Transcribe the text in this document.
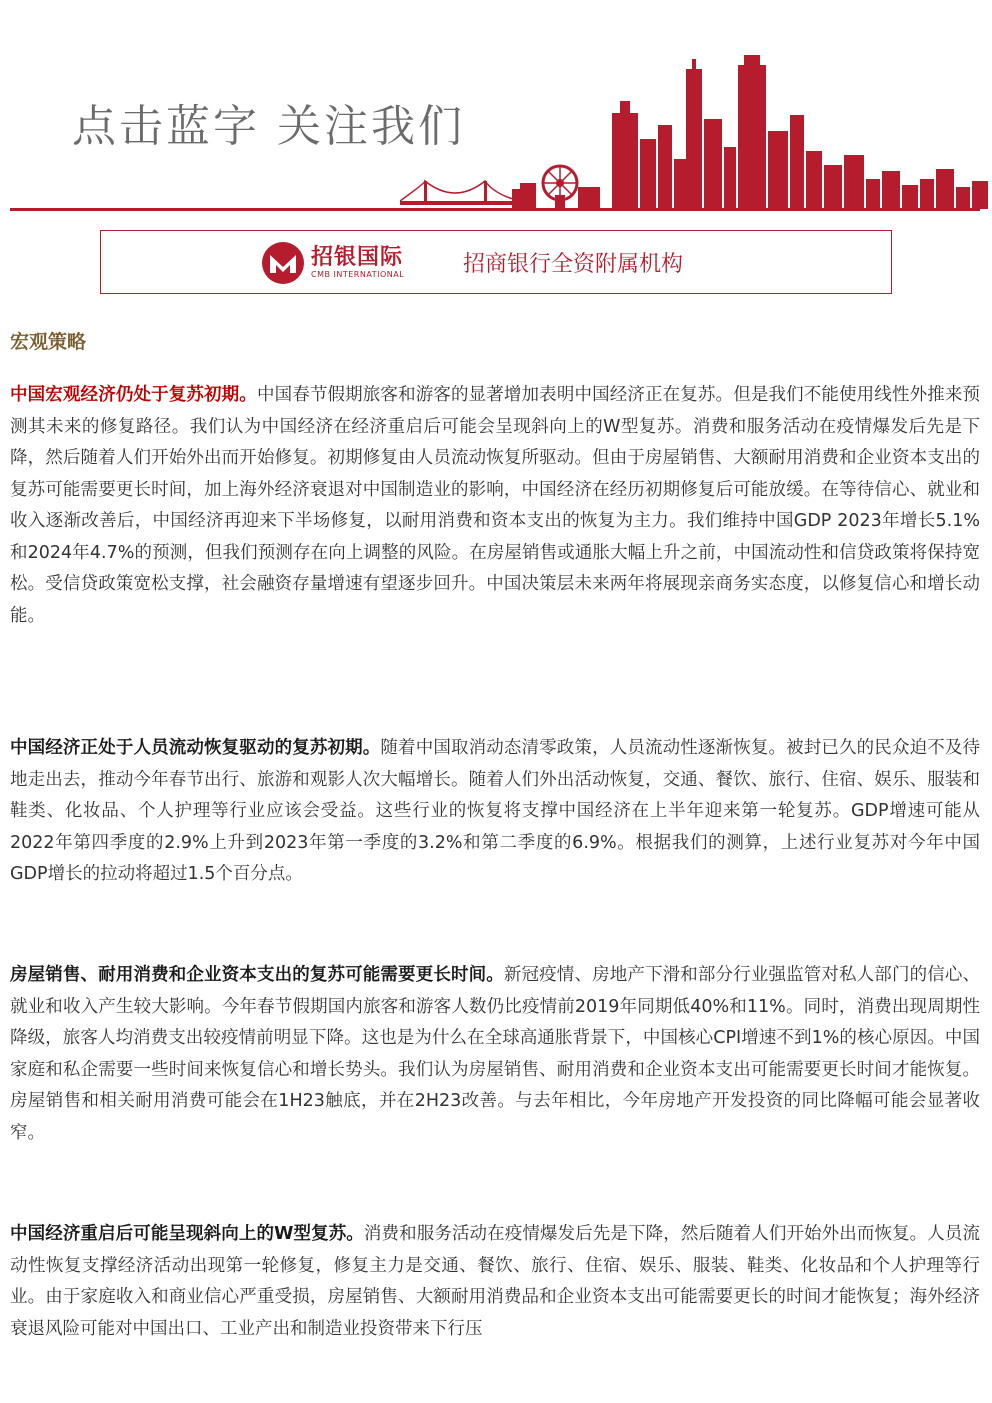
点击蓝字 关注我们
招银国际
CMB INTERNATIONAL	招商银行全资附属机构
宏观策略
中国宏观经济仍处于复苏初期。中国春节假期旅客和游客的显著增加表明中国经济正在复苏。但是我们不能使用线性外推来预测其未来的修复路径。我们认为中国经济在经济重启后可能会呈现斜向上的W型复苏。消费和服务活动在疫情爆发后先是下降，然后随着人们开始外出而开始修复。初期修复由人员流动恢复所驱动。但由于房屋销售、大额耐用消费和企业资本支出的复苏可能需要更长时间，加上海外经济衰退对中国制造业的影响，中国经济在经历初期修复后可能放缓。在等待信心、就业和收入逐渐改善后，中国经济再迎来下半场修复，以耐用消费和资本支出的恢复为主力。我们维持中国GDP 2023年增长5.1%和2024年4.7%的预测，但我们预测存在向上调整的风险。在房屋销售或通胀大幅上升之前，中国流动性和信贷政策将保持宽松。受信贷政策宽松支撑，社会融资存量增速有望逐步回升。中国决策层未来两年将展现亲商务实态度，以修复信心和增长动能。
中国经济正处于人员流动恢复驱动的复苏初期。随着中国取消动态清零政策，人员流动性逐渐恢复。被封已久的民众迫不及待地走出去，推动今年春节出行、旅游和观影人次大幅增长。随着人们外出活动恢复，交通、餐饮、旅行、住宿、娱乐、服装和鞋类、化妆品、个人护理等行业应该会受益。这些行业的恢复将支撑中国经济在上半年迎来第一轮复苏。GDP增速可能从2022年第四季度的2.9%上升到2023年第一季度的3.2%和第二季度的6.9%。根据我们的测算，上述行业复苏对今年中国GDP增长的拉动将超过1.5个百分点。
房屋销售、耐用消费和企业资本支出的复苏可能需要更长时间。新冠疫情、房地产下滑和部分行业强监管对私人部门的信心、就业和收入产生较大影响。今年春节假期国内旅客和游客人数仍比疫情前2019年同期低40%和11%。同时，消费出现周期性降级，旅客人均消费支出较疫情前明显下降。这也是为什么在全球高通胀背景下，中国核心CPI增速不到1%的核心原因。中国家庭和私企需要一些时间来恢复信心和增长势头。我们认为房屋销售、耐用消费和企业资本支出可能需要更长时间才能恢复。房屋销售和相关耐用消费可能会在1H23触底，并在2H23改善。与去年相比，今年房地产开发投资的同比降幅可能会显著收窄。
中国经济重启后可能呈现斜向上的W型复苏。消费和服务活动在疫情爆发后先是下降，然后随着人们开始外出而恢复。人员流动性恢复支撑经济活动出现第一轮修复，修复主力是交通、餐饮、旅行、住宿、娱乐、服装、鞋类、化妆品和个人护理等行业。由于家庭收入和商业信心严重受损，房屋销售、大额耐用消费品和企业资本支出可能需要更长的时间才能恢复；海外经济衰退风险可能对中国出口、工业产出和制造业投资带来下行压
